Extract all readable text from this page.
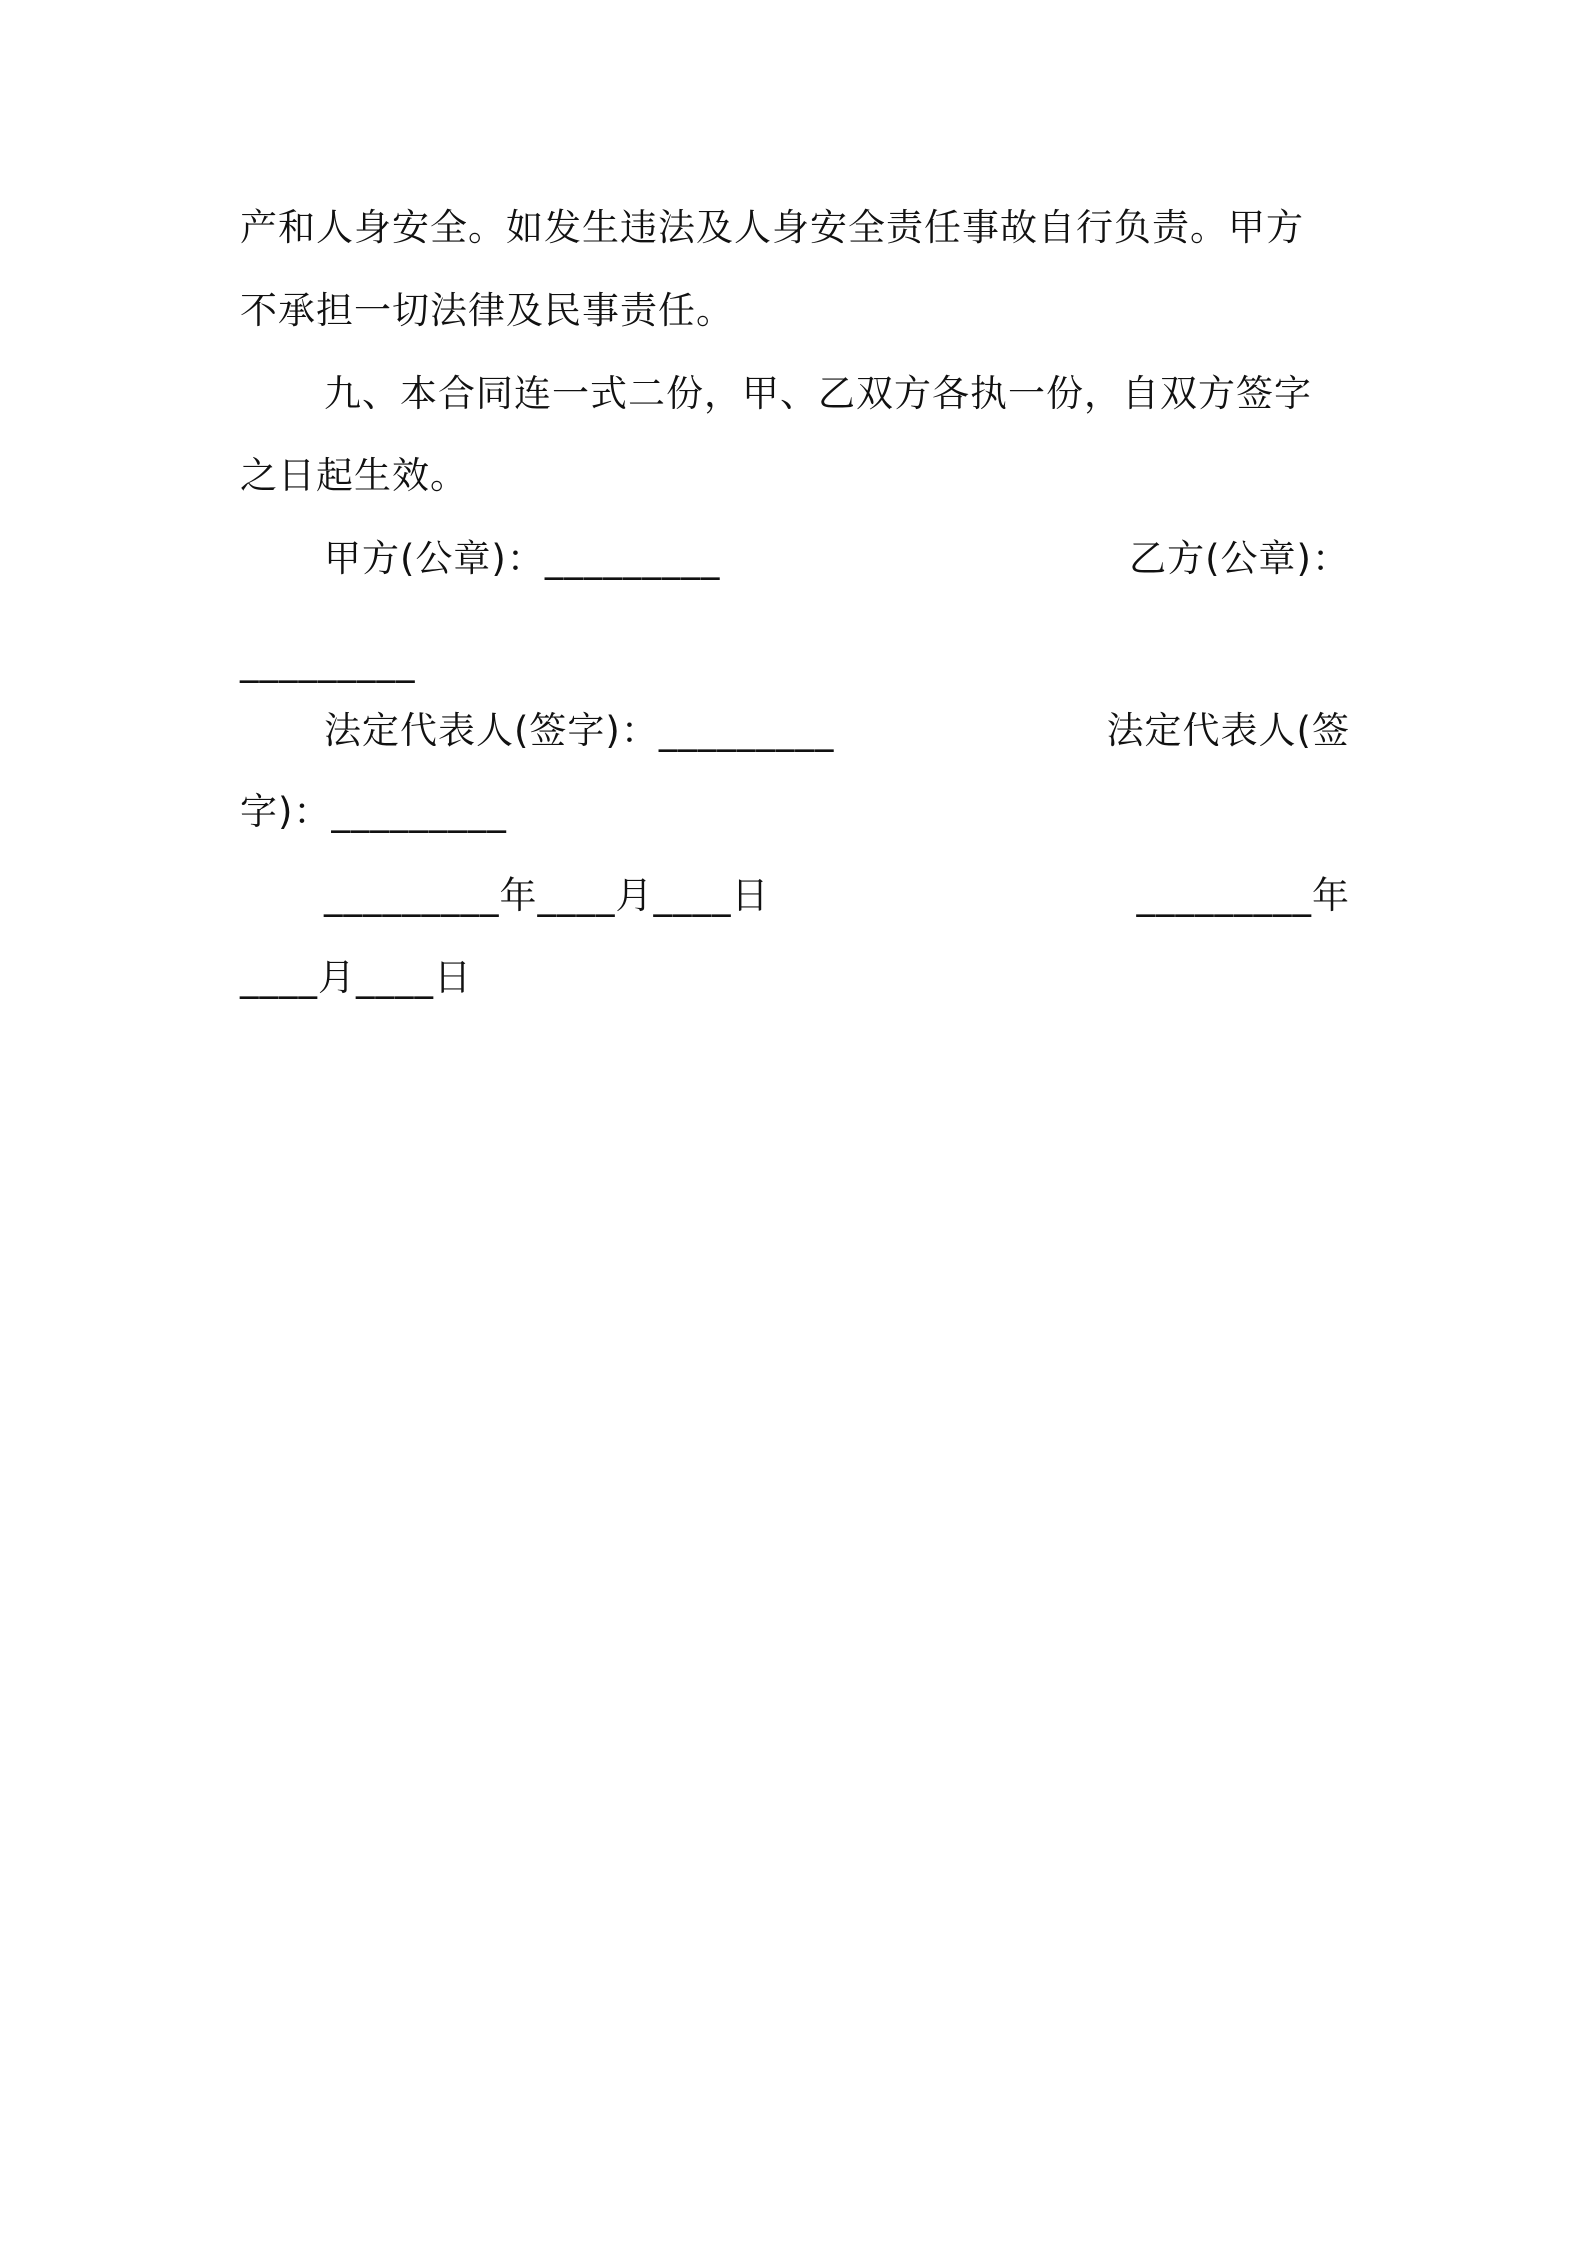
产和人身安全。如发生违法及人身安全责任事故自行负责。甲方
不承担一切法律及民事责任。
九、本合同连一式二份，甲、乙双方各执一份，自双方签字
之日起生效。
甲方(公章)：_________	乙方(公章)：
_________
法定代表人(签字)：_________	法定代表人(签
字)：_________
_________年____月____日	_________年
____月____日
